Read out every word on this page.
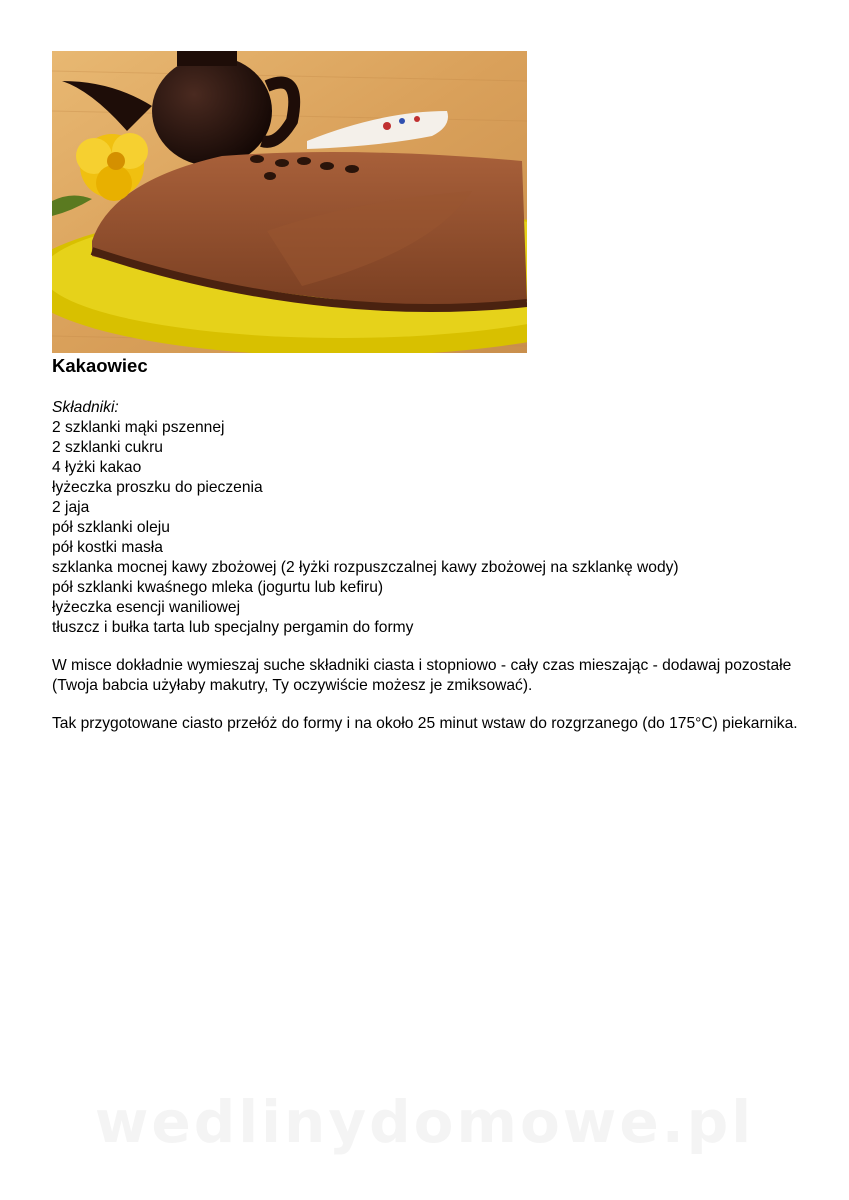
Kakaowiec

Składniki:

2 szklanki mąki pszennej
2 szklanki cukru
4 łyżki kakao
łyżeczka proszku do pieczenia
2 jaja
pół szklanki oleju
pół kostki masła
szklanka mocnej kawy zbożowej (2 łyżki rozpuszczalnej kawy zbożowej na szklankę wody)
pół szklanki kwaśnego mleka (jogurtu lub kefiru)
łyżeczka esencji waniliowej
tłuszcz i bułka tarta lub specjalny pergamin do formy

W misce dokładnie wymieszaj suche składniki ciasta i stopniowo - cały czas mieszając - dodawaj pozostałe (Twoja babcia użyłaby makutry, Ty oczywiście możesz je zmiksować).

Tak przygotowane ciasto przełóż do formy i na około 25 minut wstaw do rozgrzanego (do 175°C) piekarnika.

wedlinydomowe.pl
